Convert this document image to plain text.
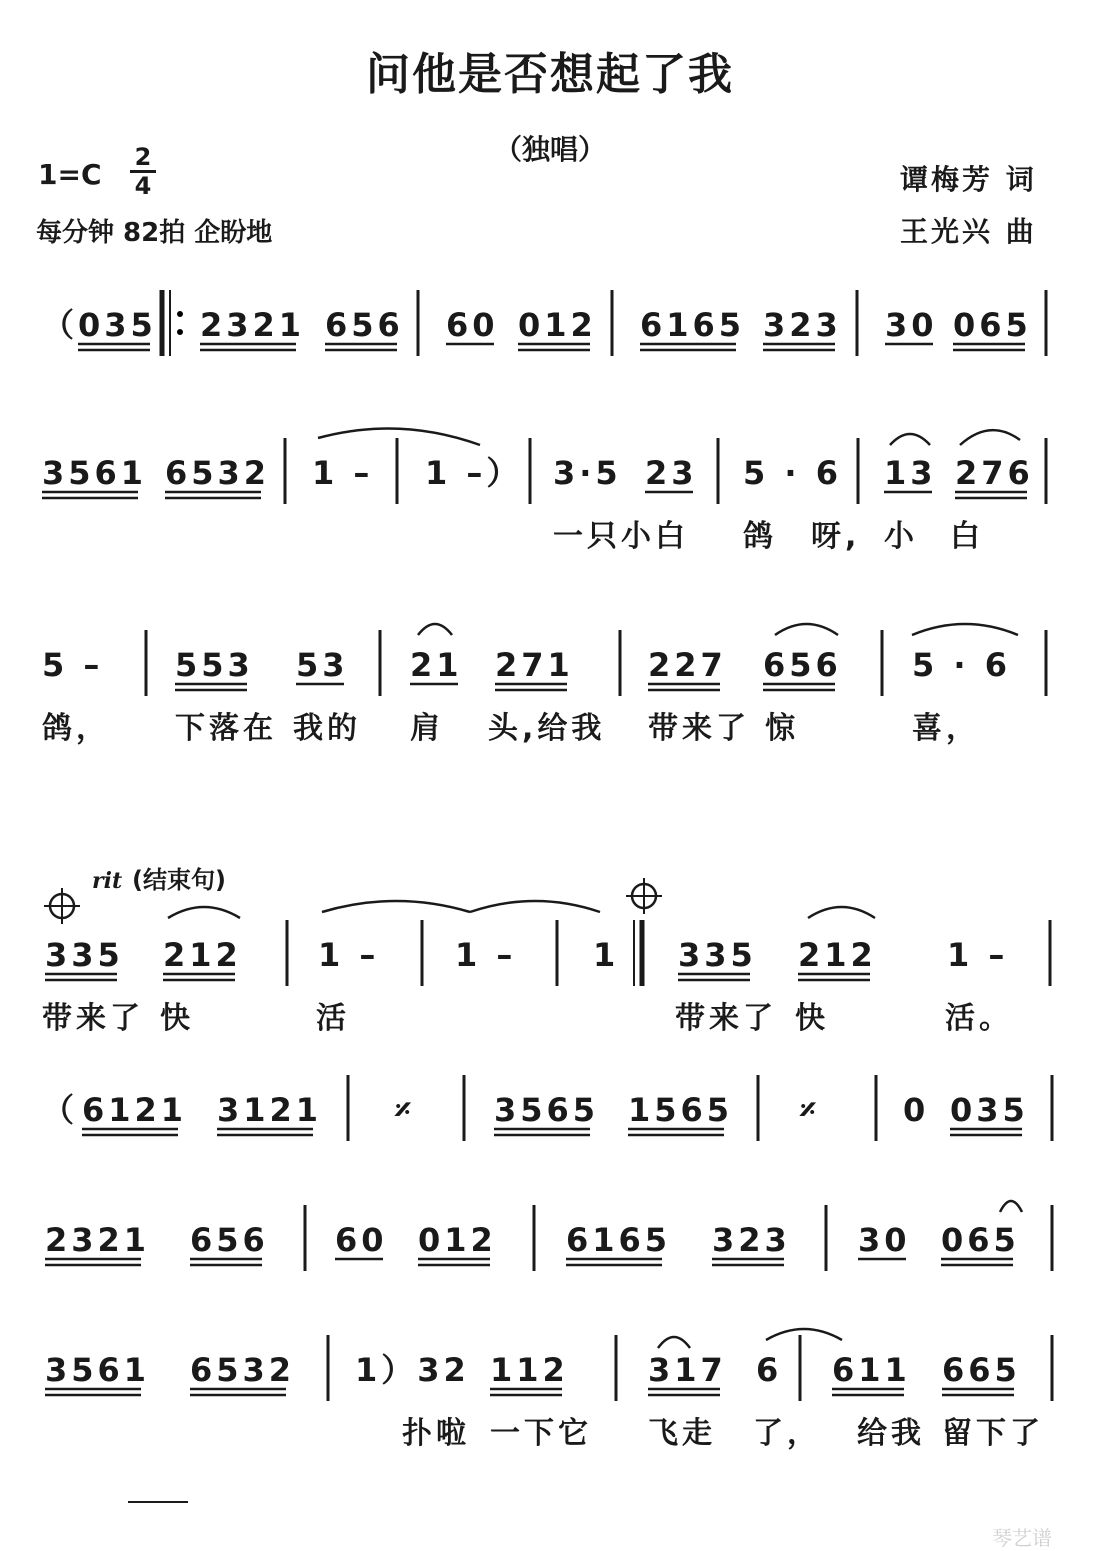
问他是否想起了我
（独唱）
1=C
2
4
每分钟 82拍 企盼地
谭梅芳 词
王光兴 曲
（ 035 2321 656 60 012 6165 323 30 065
3561 6532 1 – 1 –） 3·5 23 5 · 6 13 276
一只小白 鸽 呀, 小 白
5 – 553 53 21 271 227 656 5 · 6
鸽， 下落在 我的 肩 头,给我 带来了 惊	喜，
335 212 1 – 1 – 1 335 212 1 –
带来了 快	活	带来了 快	活。
rit (结束句)
（ 6121 3121 𝄎 3565 1565 𝄎	0 035
2321 656 60 012 6165 323 30 065
3561 6532 1）32 112 317 6 611 665
扑啦 一下它 飞走 了， 给我 留下了
琴艺谱
